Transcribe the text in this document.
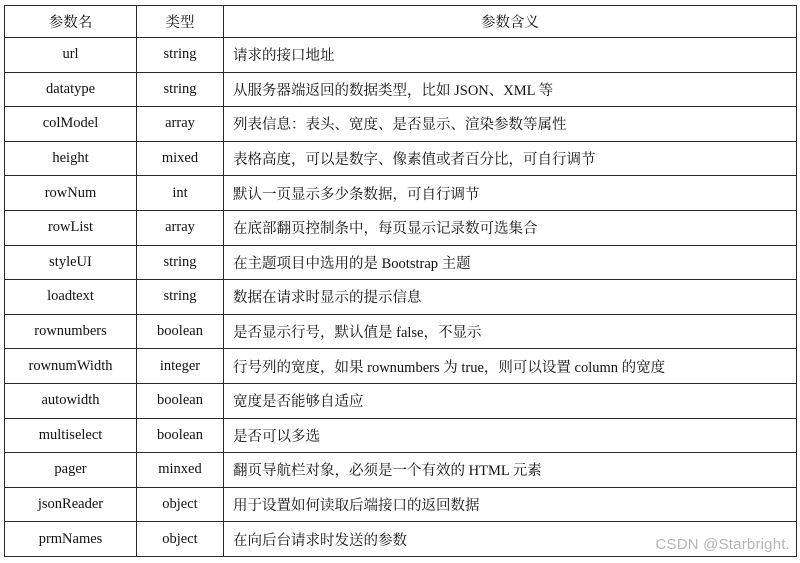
参数名	类型	参数含义
url	string	请求的接口地址
datatype	string	从服务器端返回的数据类型，比如 JSON、XML 等
colModel	array	列表信息：表头、宽度、是否显示、渲染参数等属性
height	mixed	表格高度，可以是数字、像素值或者百分比，可自行调节
rowNum	int	默认一页显示多少条数据，可自行调节
rowList	array	在底部翻页控制条中，每页显示记录数可选集合
styleUI	string	在主题项目中选用的是 Bootstrap 主题
loadtext	string	数据在请求时显示的提示信息
rownumbers	boolean	是否显示行号，默认值是 false，不显示
rownumWidth	integer	行号列的宽度，如果 rownumbers 为 true，则可以设置 column 的宽度
autowidth	boolean	宽度是否能够自适应
multiselect	boolean	是否可以多选
pager	minxed	翻页导航栏对象，必须是一个有效的 HTML 元素
jsonReader	object	用于设置如何读取后端接口的返回数据
prmNames	object	在向后台请求时发送的参数	CSDN @Starbright.
